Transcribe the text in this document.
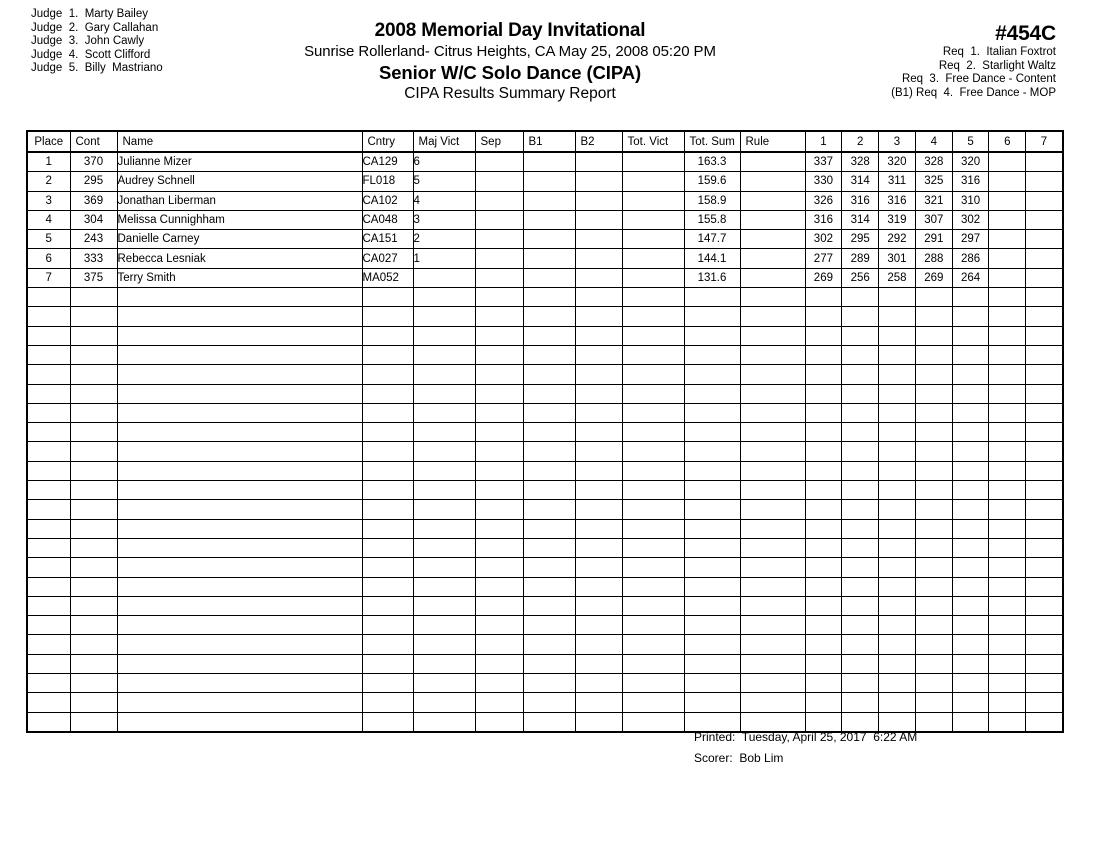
Judge  1.  Marty Bailey
Judge  2.  Gary Callahan
Judge  3.  John Cawly
Judge  4.  Scott Clifford
Judge  5.  Billy  Mastriano
2008 Memorial Day Invitational
Sunrise Rollerland- Citrus Heights, CA May 25, 2008 05:20 PM
Senior W/C Solo Dance (CIPA)
CIPA Results Summary Report
#454C
Req  1.  Italian Foxtrot
Req  2.  Starlight Waltz
Req  3.  Free Dance - Content
(B1) Req  4.  Free Dance - MOP
Place	Cont	Name	Cntry	Maj Vict	Sep	B1	B2	Tot. Vict	Tot. Sum	Rule	1	2	3	4	5	6	7
1	370	Julianne Mizer	CA129	6					163.3		337	328	320	328	320		
2	295	Audrey Schnell	FL018	5					159.6		330	314	311	325	316		
3	369	Jonathan Liberman	CA102	4					158.9		326	316	316	321	310		
4	304	Melissa Cunnighham	CA048	3					155.8		316	314	319	307	302		
5	243	Danielle Carney	CA151	2					147.7		302	295	292	291	297		
6	333	Rebecca Lesniak	CA027	1					144.1		277	289	301	288	286		
7	375	Terry Smith	MA052						131.6		269	256	258	269	264		

Printed:  Tuesday, April 25, 2017  6:22 AM
Scorer:  Bob Lim
